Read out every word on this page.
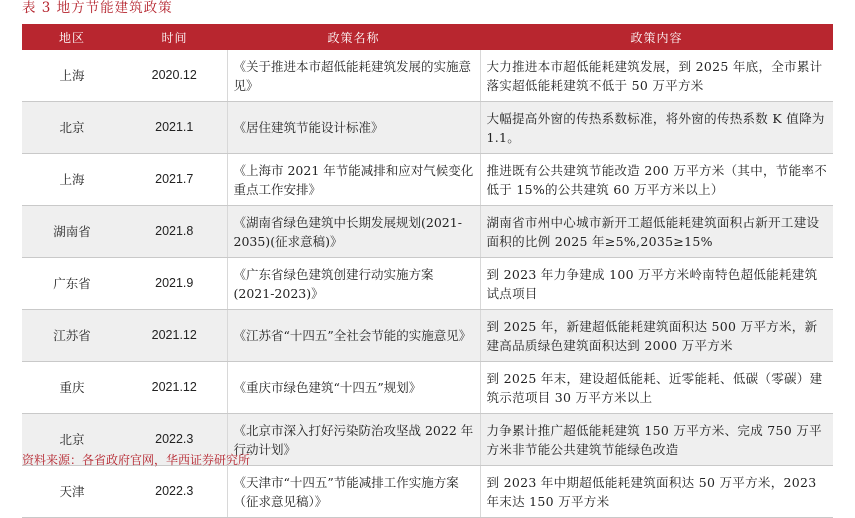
表 3 地方节能建筑政策
地区	时间	政策名称	政策内容
上海	2020.12	《关于推进本市超低能耗建筑发展的实施意见》	大力推进本市超低能耗建筑发展，到 2025 年底，全市累计落实超低能耗建筑不低于 50 万平方米
北京	2021.1	《居住建筑节能设计标准》	大幅提高外窗的传热系数标准，将外窗的传热系数 K 值降为 1.1。
上海	2021.7	《上海市 2021 年节能减排和应对气候变化重点工作安排》	推进既有公共建筑节能改造 200 万平方米（其中，节能率不低于 15%的公共建筑 60 万平方米以上）
湖南省	2021.8	《湖南省绿色建筑中长期发展规划(2021-2035)(征求意稿)》	湖南省市州中心城市新开工超低能耗建筑面积占新开工建设面积的比例 2025 年≥5%,2035≥15%
广东省	2021.9	《广东省绿色建筑创建行动实施方案(2021-2023)》	到 2023 年力争建成 100 万平方米岭南特色超低能耗建筑试点项目
江苏省	2021.12	《江苏省“十四五”全社会节能的实施意见》	到 2025 年，新建超低能耗建筑面积达 500 万平方米，新建高品质绿色建筑面积达到 2000 万平方米
重庆	2021.12	《重庆市绿色建筑“十四五”规划》	到 2025 年末，建设超低能耗、近零能耗、低碳（零碳）建筑示范项目 30 万平方米以上
北京	2022.3	《北京市深入打好污染防治攻坚战 2022 年行动计划》	力争累计推广超低能耗建筑 150 万平方米、完成 750 万平方米非节能公共建筑节能绿色改造
天津	2022.3	《天津市“十四五”节能减排工作实施方案（征求意见稿）》	到 2023 年中期超低能耗建筑面积达 50 万平方米，2023 年末达 150 万平方米
资料来源：各省政府官网，华西证券研究所
